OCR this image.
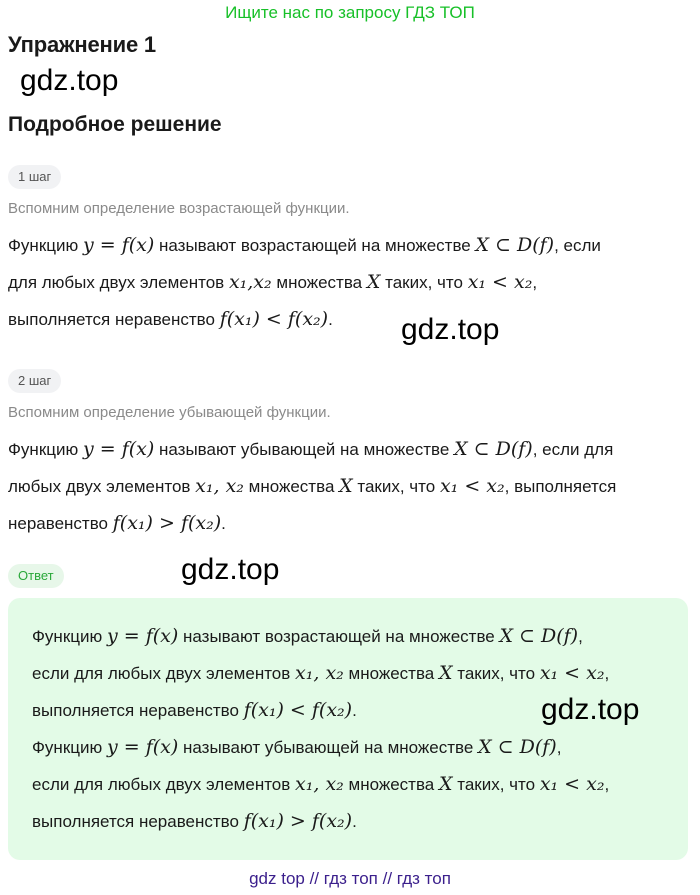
Ищите нас по запросу ГДЗ ТОП
Упражнение 1
gdz.top
Подробное решение
1 шаг
Вспомним определение возрастающей функции.
Функцию y = f(x) называют возрастающей на множестве X ⊂ D(f), если
для любых двух элементов x₁,x₂ множества X таких, что x₁ < x₂,
выполняется неравенство f(x₁) < f(x₂).	gdz.top
2 шаг
Вспомним определение убывающей функции.
Функцию y = f(x) называют убывающей на множестве X ⊂ D(f), если для
любых двух элементов x₁, x₂ множества X таких, что x₁ < x₂, выполняется
неравенство f(x₁) > f(x₂).
Ответ	gdz.top
Функцию y = f(x) называют возрастающей на множестве X ⊂ D(f),
если для любых двух элементов x₁, x₂ множества X таких, что x₁ < x₂,
выполняется неравенство f(x₁) < f(x₂).
Функцию y = f(x) называют убывающей на множестве X ⊂ D(f),
если для любых двух элементов x₁, x₂ множества X таких, что x₁ < x₂,
выполняется неравенство f(x₁) > f(x₂).
gdz.top
gdz top // гдз топ // гдз топ
